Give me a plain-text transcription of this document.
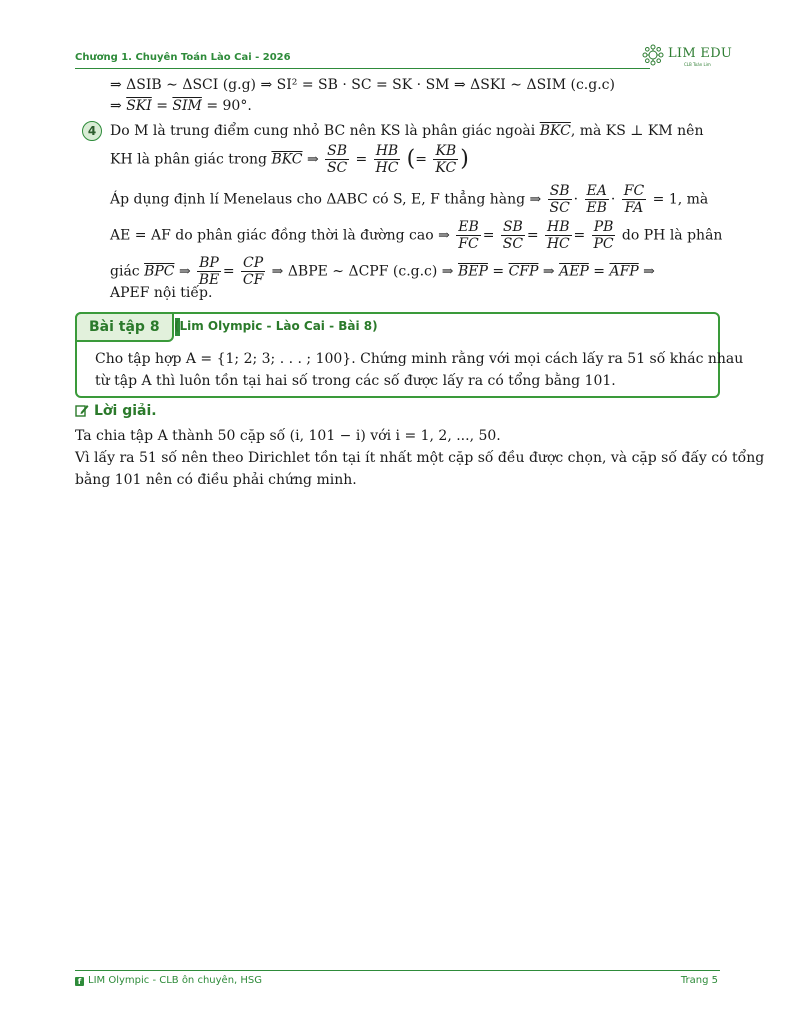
Chương 1. Chuyên Toán Lào Cai - 2026	LIM EDU
CLB Toán Lim
⇒ ΔSIB ∼ ΔSCI (g.g) ⇒ SI² = SB · SC = SK · SM ⇒ ΔSKI ∼ ΔSIM (c.g.c)
⇒ $\overline{SKI} = \overline{SIM} = 90^\circ$.
4 Do M là trung điểm cung nhỏ BC nên KS là phân giác ngoài $\overline{BKC}$, mà KS ⊥ KM nên
KH là phân giác trong $\overline{BKC}$ ⇒ $\frac{SB}{SC} = \frac{HB}{HC}$ (= $\frac{KB}{KC}$ )
Áp dụng định lí Menelaus cho ΔABC có S, E, F thẳng hàng ⇒ $\frac{SB}{SC} \cdot \frac{EA}{EB} \cdot \frac{FC}{FA} = 1$, mà
AE = AF do phân giác đồng thời là đường cao ⇒ $\frac{EB}{FC} = \frac{SB}{SC} = \frac{HB}{HC} = \frac{PB}{PC}$ do PH là phân
giác $\overline{BPC}$ ⇒ $\frac{BP}{BE} = \frac{CP}{CF}$ ⇒ ΔBPE ∼ ΔCPF (c.g.c) ⇒ $\overline{BEP} = \overline{CFP}$ ⇒ $\overline{AEP} = \overline{AFP}$ ⇒
APEF nội tiếp.
Bài tập 8	(Lim Olympic - Lào Cai - Bài 8)
Cho tập hợp A = {1; 2; 3; . . . ; 100}. Chứng minh rằng với mọi cách lấy ra 51 số khác nhau
từ tập A thì luôn tồn tại hai số trong các số được lấy ra có tổng bằng 101.
Lời giải.
Ta chia tập A thành 50 cặp số (i, 101 − i) với i = 1, 2, ..., 50.
Vì lấy ra 51 số nên theo Dirichlet tồn tại ít nhất một cặp số đều được chọn, và cặp số đấy có tổng
bằng 101 nên có điều phải chứng minh.
f LIM Olympic - CLB ôn chuyên, HSG	Trang 5
